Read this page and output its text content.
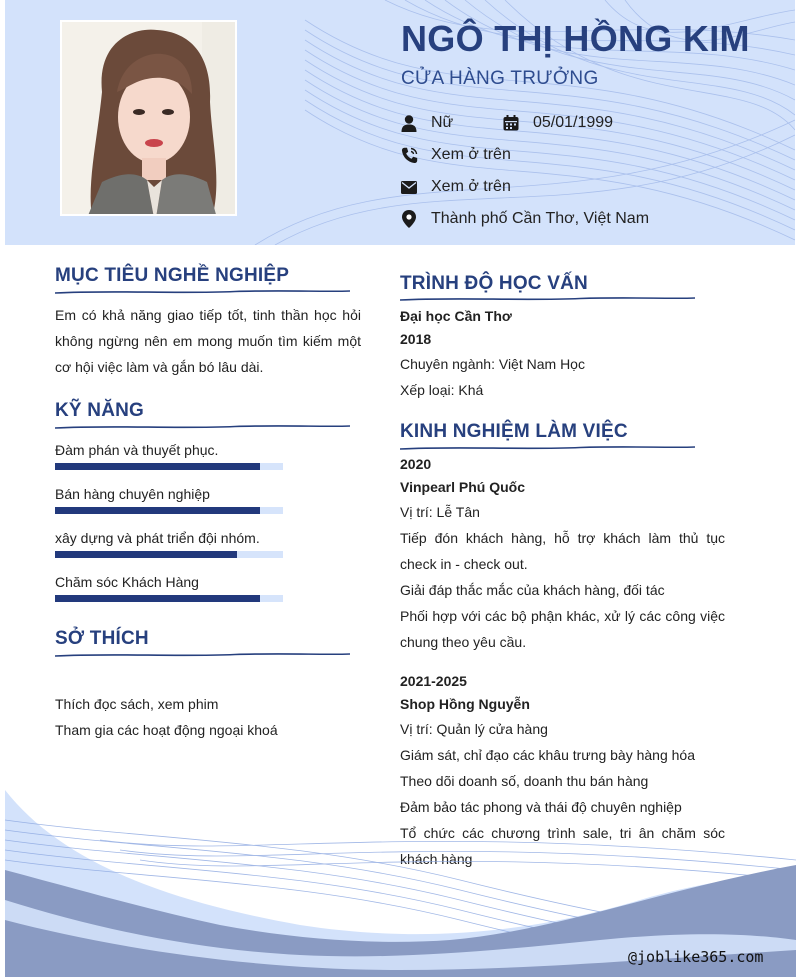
NGÔ THỊ HỒNG KIM
CỬA HÀNG TRƯỞNG
Nữ	05/01/1999
Xem ở trên
Xem ở trên
Thành phố Cần Thơ, Việt Nam
MỤC TIÊU NGHỀ NGHIỆP
Em có khả năng giao tiếp tốt, tinh thần học hỏi không ngừng nên em mong muốn tìm kiếm một cơ hội việc làm và gắn bó lâu dài.
KỸ NĂNG
Đàm phán và thuyết phục.
Bán hàng chuyên nghiệp
xây dựng và phát triển đội nhóm.
Chăm sóc Khách Hàng
SỞ THÍCH
Thích đọc sách, xem phim
Tham gia các hoạt động ngoại khoá
TRÌNH ĐỘ HỌC VẤN
Đại học Cần Thơ
2018
Chuyên ngành: Việt Nam Học
Xếp loại: Khá
KINH NGHIỆM LÀM VIỆC
2020
Vinpearl Phú Quốc
Vị trí: Lễ Tân
Tiếp đón khách hàng, hỗ trợ khách làm thủ tục check in - check out.
Giải đáp thắc mắc của khách hàng, đối tác
Phối hợp với các bộ phận khác, xử lý các công việc chung theo yêu cầu.
2021-2025
Shop Hồng Nguyễn
Vị trí: Quản lý cửa hàng
Giám sát, chỉ đạo các khâu trưng bày hàng hóa
Theo dõi doanh số, doanh thu bán hàng
Đảm bảo tác phong và thái độ chuyên nghiệp
Tổ chức các chương trình sale, tri ân chăm sóc khách hàng
@joblike365.com
